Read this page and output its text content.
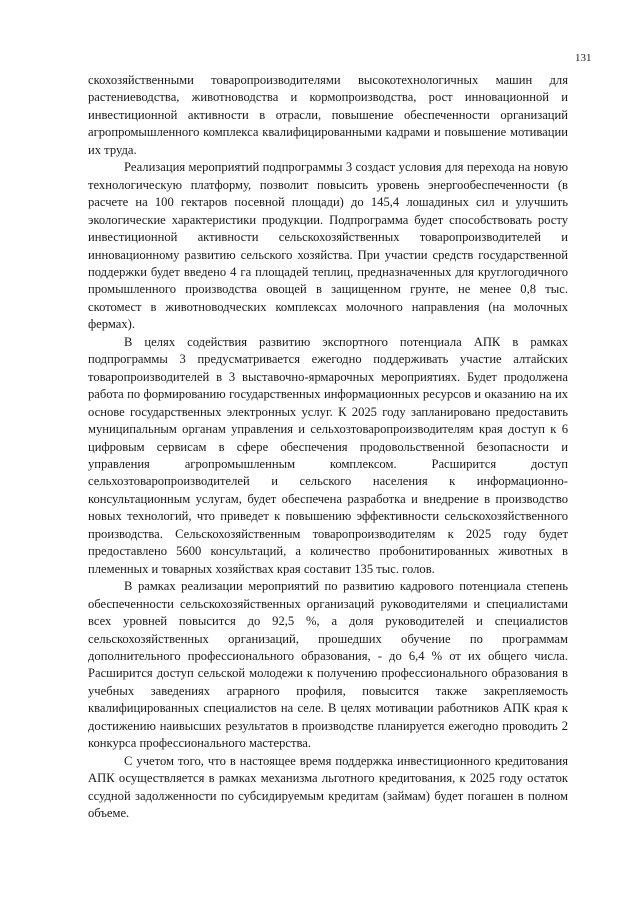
131

скохозяйственными товаропроизводителями высокотехнологичных машин для растениеводства, животноводства и кормопроизводства, рост инновационной и инвестиционной активности в отрасли, повышение обеспеченности организаций агропромышленного комплекса квалифицированными кадрами и повышение мотивации их труда.

Реализация мероприятий подпрограммы 3 создаст условия для перехода на новую технологическую платформу, позволит повысить уровень энергообеспеченности (в расчете на 100 гектаров посевной площади) до 145,4 лошадиных сил и улучшить экологические характеристики продукции. Подпрограмма будет способствовать росту инвестиционной активности сельскохозяйственных товаропроизводителей и инновационному развитию сельского хозяйства. При участии средств государственной поддержки будет введено 4 га площадей теплиц, предназначенных для круглогодичного промышленного производства овощей в защищенном грунте, не менее 0,8 тыс. скотомест в животноводческих комплексах молочного направления (на молочных фермах).

В целях содействия развитию экспортного потенциала АПК в рамках подпрограммы 3 предусматривается ежегодно поддерживать участие алтайских товаропроизводителей в 3 выставочно-ярмарочных мероприятиях. Будет продолжена работа по формированию государственных информационных ресурсов и оказанию на их основе государственных электронных услуг. К 2025 году запланировано предоставить муниципальным органам управления и сельхозтоваропроизводителям края доступ к 6 цифровым сервисам в сфере обеспечения продовольственной безопасности и управления агропромышленным комплексом. Расширится доступ сельхозтоваропроизводителей и сельского населения к информационно-консультационным услугам, будет обеспечена разработка и внедрение в производство новых технологий, что приведет к повышению эффективности сельскохозяйственного производства. Сельскохозяйственным товаропроизводителям к 2025 году будет предоставлено 5600 консультаций, а количество пробонитированных животных в племенных и товарных хозяйствах края составит 135 тыс. голов.

В рамках реализации мероприятий по развитию кадрового потенциала степень обеспеченности сельскохозяйственных организаций руководителями и специалистами всех уровней повысится до 92,5 %, а доля руководителей и специалистов сельскохозяйственных организаций, прошедших обучение по программам дополнительного профессионального образования, - до 6,4 % от их общего числа. Расширится доступ сельской молодежи к получению профессионального образования в учебных заведениях аграрного профиля, повысится также закрепляемость квалифицированных специалистов на селе. В целях мотивации работников АПК края к достижению наивысших результатов в производстве планируется ежегодно проводить 2 конкурса профессионального мастерства.

С учетом того, что в настоящее время поддержка инвестиционного кредитования АПК осуществляется в рамках механизма льготного кредитования, к 2025 году остаток ссудной задолженности по субсидируемым кредитам (займам) будет погашен в полном объеме.
